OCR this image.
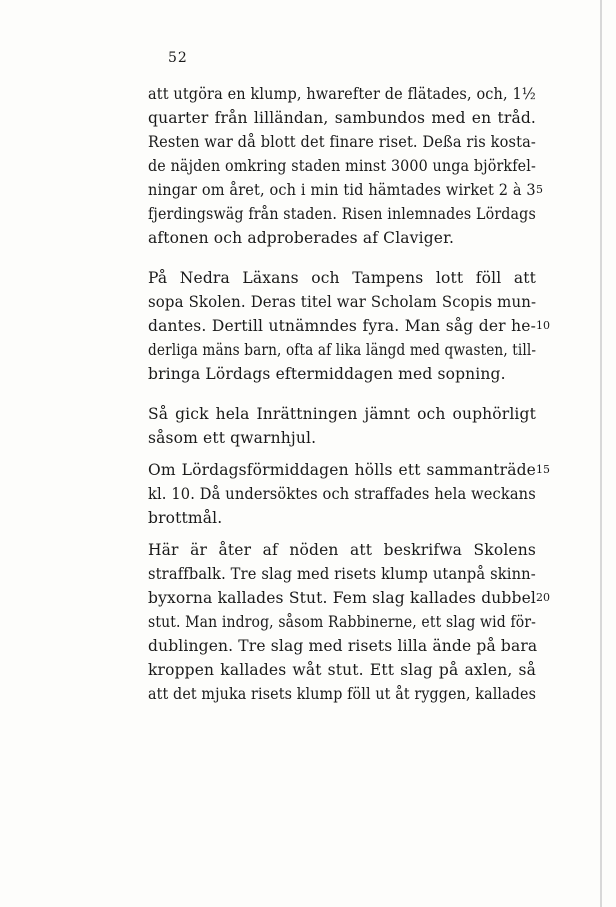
52
att utgöra en klump, hwarefter de flätades, och, 1½
quarter från lilländan, sambundos med en tråd.
Resten war då blott det finare riset. Deßa ris kosta-
de näjden omkring staden minst 3000 unga björkfel-
ningar om året, och i min tid hämtades wirket 2 à 3
fjerdingswäg från staden. Risen inlemnades Lördags
aftonen och adproberades af Claviger.
På Nedra Läxans och Tampens lott föll att
sopa Skolen. Deras titel war Scholam Scopis mun-
dantes. Dertill utnämndes fyra. Man såg der he-
derliga mäns barn, ofta af lika längd med qwasten, till-
bringa Lördags eftermiddagen med sopning.
Så gick hela Inrättningen jämnt och ouphörligt
såsom ett qwarnhjul.
Om Lördagsförmiddagen hölls ett sammanträde
kl. 10. Då undersöktes och straffades hela weckans
brottmål.
Här är åter af nöden att beskrifwa Skolens
straffbalk. Tre slag med risets klump utanpå skinn-
byxorna kallades Stut. Fem slag kallades dubbel
stut. Man indrog, såsom Rabbinerne, ett slag wid för-
dublingen. Tre slag med risets lilla ände på bara
kroppen kallades wåt stut. Ett slag på axlen, så
att det mjuka risets klump föll ut åt ryggen, kallades
5
10
15
20
